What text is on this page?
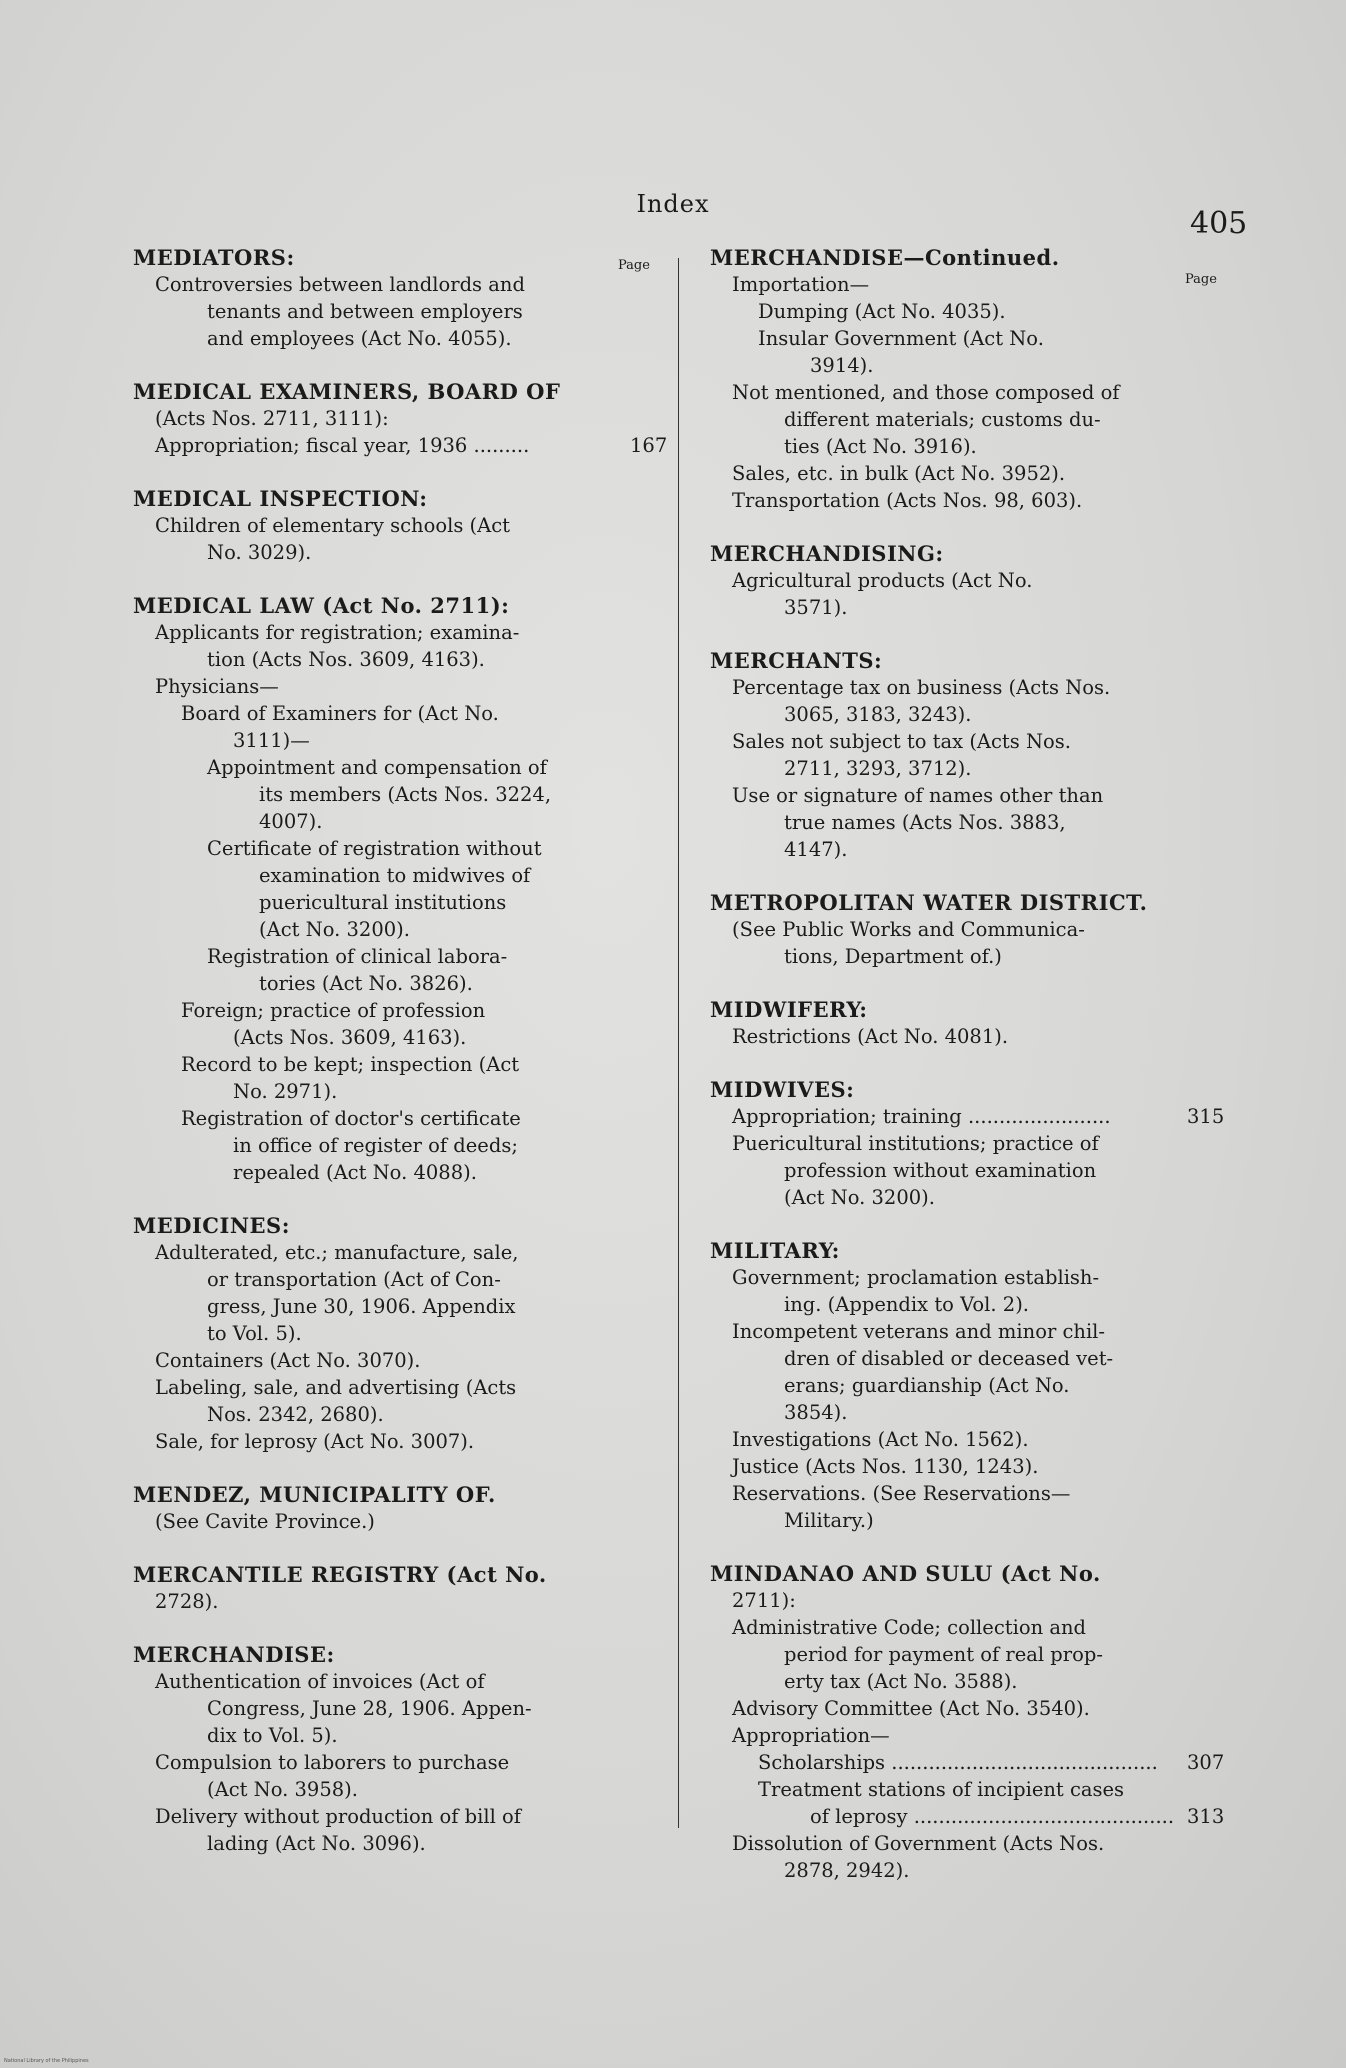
Index
405
Page
Page
MEDIATORS:
Controversies between landlords and
tenants and between employers
and employees (Act No. 4055).
MEDICAL EXAMINERS, BOARD OF
(Acts Nos. 2711, 3111):
Appropriation; fiscal year, 1936 .........	167
MEDICAL INSPECTION:
Children of elementary schools (Act
No. 3029).
MEDICAL LAW (Act No. 2711):
Applicants for registration; examina-
tion (Acts Nos. 3609, 4163).
Physicians—
Board of Examiners for (Act No.
3111)—
Appointment and compensation of
its members (Acts Nos. 3224,
4007).
Certificate of registration without
examination to midwives of
puericultural institutions
(Act No. 3200).
Registration of clinical labora-
tories (Act No. 3826).
Foreign; practice of profession
(Acts Nos. 3609, 4163).
Record to be kept; inspection (Act
No. 2971).
Registration of doctor's certificate
in office of register of deeds;
repealed (Act No. 4088).
MEDICINES:
Adulterated, etc.; manufacture, sale,
or transportation (Act of Con-
gress, June 30, 1906. Appendix
to Vol. 5).
Containers (Act No. 3070).
Labeling, sale, and advertising (Acts
Nos. 2342, 2680).
Sale, for leprosy (Act No. 3007).
MENDEZ, MUNICIPALITY OF.
(See Cavite Province.)
MERCANTILE REGISTRY (Act No.
2728).
MERCHANDISE:
Authentication of invoices (Act of
Congress, June 28, 1906. Appen-
dix to Vol. 5).
Compulsion to laborers to purchase
(Act No. 3958).
Delivery without production of bill of
lading (Act No. 3096).
MERCHANDISE—Continued.
Importation—
Dumping (Act No. 4035).
Insular Government (Act No.
3914).
Not mentioned, and those composed of
different materials; customs du-
ties (Act No. 3916).
Sales, etc. in bulk (Act No. 3952).
Transportation (Acts Nos. 98, 603).
MERCHANDISING:
Agricultural products (Act No.
3571).
MERCHANTS:
Percentage tax on business (Acts Nos.
3065, 3183, 3243).
Sales not subject to tax (Acts Nos.
2711, 3293, 3712).
Use or signature of names other than
true names (Acts Nos. 3883,
4147).
METROPOLITAN WATER DISTRICT.
(See Public Works and Communica-
tions, Department of.)
MIDWIFERY:
Restrictions (Act No. 4081).
MIDWIVES:
Appropriation; training .......................	315
Puericultural institutions; practice of
profession without examination
(Act No. 3200).
MILITARY:
Government; proclamation establish-
ing. (Appendix to Vol. 2).
Incompetent veterans and minor chil-
dren of disabled or deceased vet-
erans; guardianship (Act No.
3854).
Investigations (Act No. 1562).
Justice (Acts Nos. 1130, 1243).
Reservations. (See Reservations—
Military.)
MINDANAO AND SULU (Act No.
2711):
Administrative Code; collection and
period for payment of real prop-
erty tax (Act No. 3588).
Advisory Committee (Act No. 3540).
Appropriation—
Scholarships ........................................... 307
Treatment stations of incipient cases
of leprosy .......................................... 313
Dissolution of Government (Acts Nos.
2878, 2942).
National Library of the Philippines
